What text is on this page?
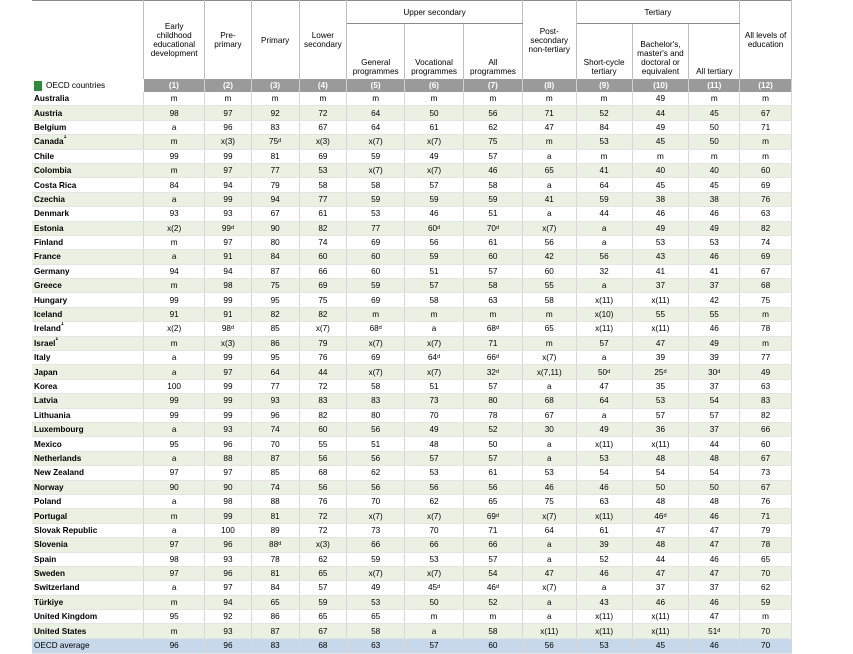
	Early childhood educational development	Pre-primary	Primary	Lower secondary	Upper secondary			Post-secondary non-tertiary	Tertiary			All levels of education
					General programmes	Vocational programmes	All programmes		Short-cycle tertiary	Bachelor's, master's and doctoral or equivalent	All tertiary	
OECD countries	(1)	(2)	(3)	(4)	(5)	(6)	(7)	(8)	(9)	(10)	(11)	(12)
Australia	m	m	m	m	m	m	m	m	m	49	m	m
Austria	98	97	92	72	64	50	56	71	52	44	45	67
Belgium	a	96	83	67	64	61	62	47	84	49	50	71
Canada$^1$	m	x(3)	75ᵈ	x(3)	x(7)	x(7)	75	m	53	45	50	m
Chile	99	99	81	69	59	49	57	a	m	m	m	m
Colombia	m	97	77	53	x(7)	x(7)	46	65	41	40	40	60
Costa Rica	84	94	79	58	58	57	58	a	64	45	45	69
Czechia	a	99	94	77	59	59	59	41	59	38	38	76
Denmark	93	93	67	61	53	46	51	a	44	46	46	63
Estonia	x(2)	99ᵈ	90	82	77	60ᵈ	70ᵈ	x(7)	a	49	49	82
Finland	m	97	80	74	69	56	61	56	a	53	53	74
France	a	91	84	60	60	59	60	42	56	43	46	69
Germany	94	94	87	66	60	51	57	60	32	41	41	67
Greece	m	98	75	69	59	57	58	55	a	37	37	68
Hungary	99	99	95	75	69	58	63	58	x(11)	x(11)	42	75
Iceland	91	91	82	82	m	m	m	m	x(10)	55	55	m
Ireland$^1$	x(2)	98ᵈ	85	x(7)	68ᵈ	a	68ᵈ	65	x(11)	x(11)	46	78
Israel$^1$	m	x(3)	86	79	x(7)	x(7)	71	m	57	47	49	m
Italy	a	99	95	76	69	64ᵈ	66ᵈ	x(7)	a	39	39	77
Japan	a	97	64	44	x(7)	x(7)	32ᵈ	x(7,11)	50ᵈ	25ᵈ	30ᵈ	49
Korea	100	99	77	72	58	51	57	a	47	35	37	63
Latvia	99	99	93	83	83	73	80	68	64	53	54	83
Lithuania	99	99	96	82	80	70	78	67	a	57	57	82
Luxembourg	a	93	74	60	56	49	52	30	49	36	37	66
Mexico	95	96	70	55	51	48	50	a	x(11)	x(11)	44	60
Netherlands	a	88	87	56	56	57	57	a	53	48	48	67
New Zealand	97	97	85	68	62	53	61	53	54	54	54	73
Norway	90	90	74	56	56	56	56	46	46	50	50	67
Poland	a	98	88	76	70	62	65	75	63	48	48	76
Portugal	m	99	81	72	x(7)	x(7)	69ᵈ	x(7)	x(11)	46ᵈ	46	71
Slovak Republic	a	100	89	72	73	70	71	64	61	47	47	79
Slovenia	97	96	88ᵈ	x(3)	66	66	66	a	39	48	47	78
Spain	98	93	78	62	59	53	57	a	52	44	46	65
Sweden	97	96	81	65	x(7)	x(7)	54	47	46	47	47	70
Switzerland	a	97	84	57	49	45ᵈ	46ᵈ	x(7)	a	37	37	62
Türkiye	m	94	65	59	53	50	52	a	43	46	46	59
United Kingdom	95	92	86	65	65	m	m	a	x(11)	x(11)	47	m
United States	m	93	87	67	58	a	58	x(11)	x(11)	x(11)	51ᵈ	70
OECD average	96	96	83	68	63	57	60	56	53	45	46	70
